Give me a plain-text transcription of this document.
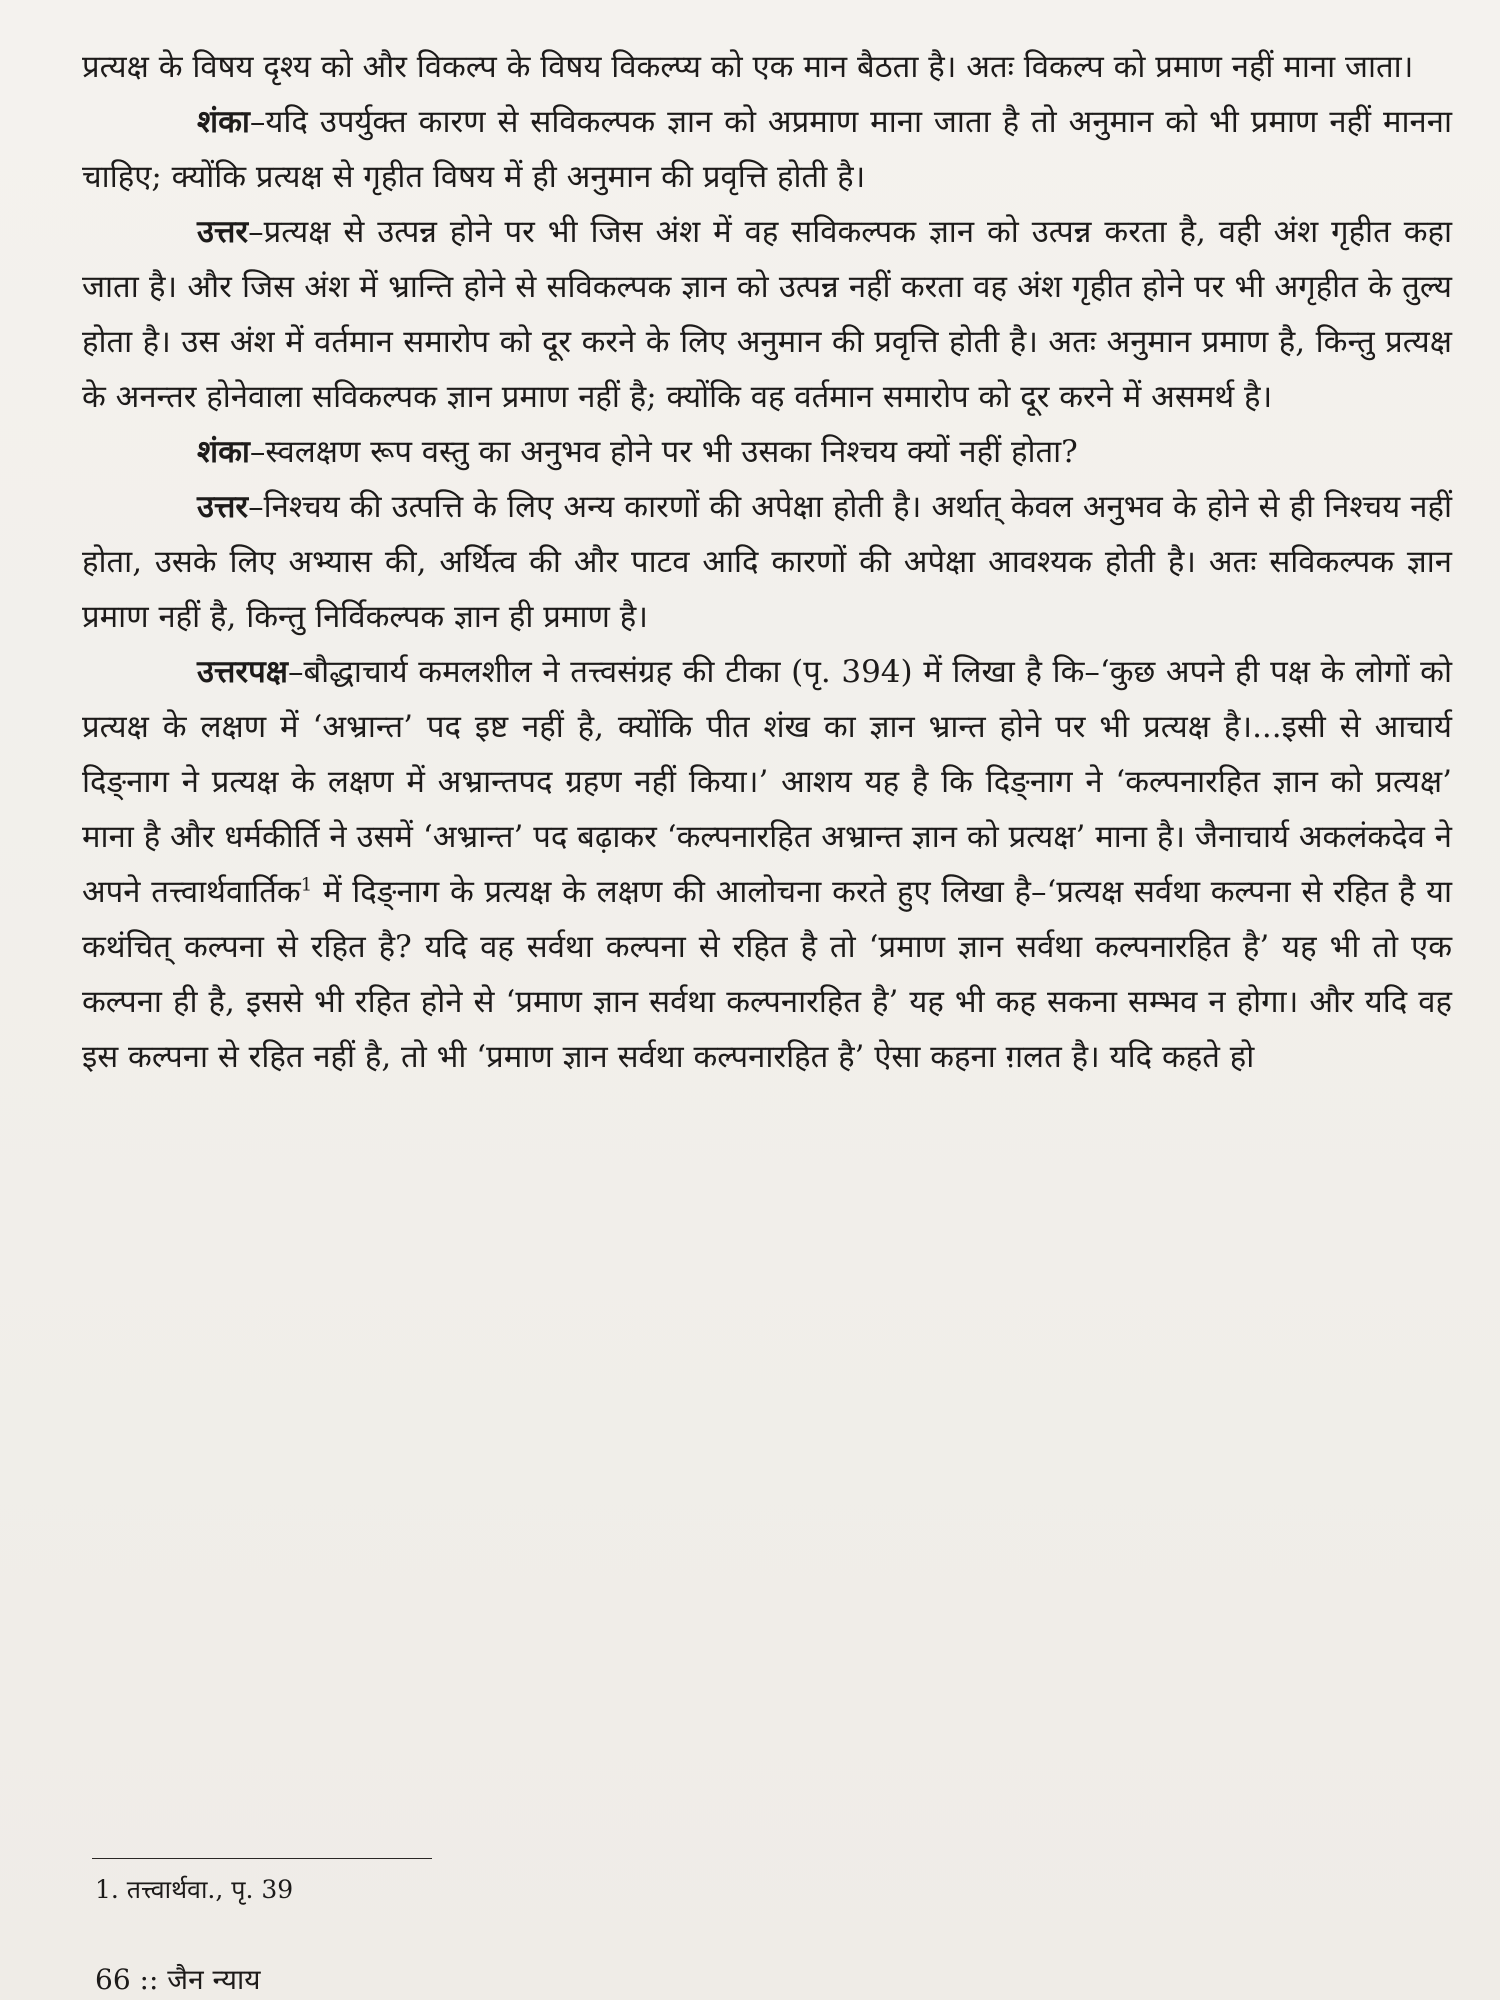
प्रत्यक्ष के विषय दृश्य को और विकल्प के विषय विकल्प्य को एक मान बैठता है। अतः विकल्प को प्रमाण नहीं माना जाता।

शंका–यदि उपर्युक्त कारण से सविकल्पक ज्ञान को अप्रमाण माना जाता है तो अनुमान को भी प्रमाण नहीं मानना चाहिए; क्योंकि प्रत्यक्ष से गृहीत विषय में ही अनुमान की प्रवृत्ति होती है।

उत्तर–प्रत्यक्ष से उत्पन्न होने पर भी जिस अंश में वह सविकल्पक ज्ञान को उत्पन्न करता है, वही अंश गृहीत कहा जाता है। और जिस अंश में भ्रान्ति होने से सविकल्पक ज्ञान को उत्पन्न नहीं करता वह अंश गृहीत होने पर भी अगृहीत के तुल्य होता है। उस अंश में वर्तमान समारोप को दूर करने के लिए अनुमान की प्रवृत्ति होती है। अतः अनुमान प्रमाण है, किन्तु प्रत्यक्ष के अनन्तर होनेवाला सविकल्पक ज्ञान प्रमाण नहीं है; क्योंकि वह वर्तमान समारोप को दूर करने में असमर्थ है।

शंका–स्वलक्षण रूप वस्तु का अनुभव होने पर भी उसका निश्चय क्यों नहीं होता?

उत्तर–निश्चय की उत्पत्ति के लिए अन्य कारणों की अपेक्षा होती है। अर्थात् केवल अनुभव के होने से ही निश्चय नहीं होता, उसके लिए अभ्यास की, अर्थित्व की और पाटव आदि कारणों की अपेक्षा आवश्यक होती है। अतः सविकल्पक ज्ञान प्रमाण नहीं है, किन्तु निर्विकल्पक ज्ञान ही प्रमाण है।

उत्तरपक्ष–बौद्धाचार्य कमलशील ने तत्त्वसंग्रह की टीका (पृ. 394) में लिखा है कि–‘कुछ अपने ही पक्ष के लोगों को प्रत्यक्ष के लक्षण में ‘अभ्रान्त’ पद इष्ट नहीं है, क्योंकि पीत शंख का ज्ञान भ्रान्त होने पर भी प्रत्यक्ष है।...इसी से आचार्य दिङ्नाग ने प्रत्यक्ष के लक्षण में अभ्रान्तपद ग्रहण नहीं किया।’ आशय यह है कि दिङ्नाग ने ‘कल्पनारहित ज्ञान को प्रत्यक्ष’ माना है और धर्मकीर्ति ने उसमें ‘अभ्रान्त’ पद बढ़ाकर ‘कल्पनारहित अभ्रान्त ज्ञान को प्रत्यक्ष’ माना है। जैनाचार्य अकलंकदेव ने अपने तत्त्वार्थवार्तिक$^1$ में दिङ्नाग के प्रत्यक्ष के लक्षण की आलोचना करते हुए लिखा है–‘प्रत्यक्ष सर्वथा कल्पना से रहित है या कथंचित् कल्पना से रहित है? यदि वह सर्वथा कल्पना से रहित है तो ‘प्रमाण ज्ञान सर्वथा कल्पनारहित है’ यह भी तो एक कल्पना ही है, इससे भी रहित होने से ‘प्रमाण ज्ञान सर्वथा कल्पनारहित है’ यह भी कह सकना सम्भव न होगा। और यदि वह इस कल्पना से रहित नहीं है, तो भी ‘प्रमाण ज्ञान सर्वथा कल्पनारहित है’ ऐसा कहना ग़लत है। यदि कहते हो

1. तत्त्वार्थवा., पृ. 39
66 :: जैन न्याय
